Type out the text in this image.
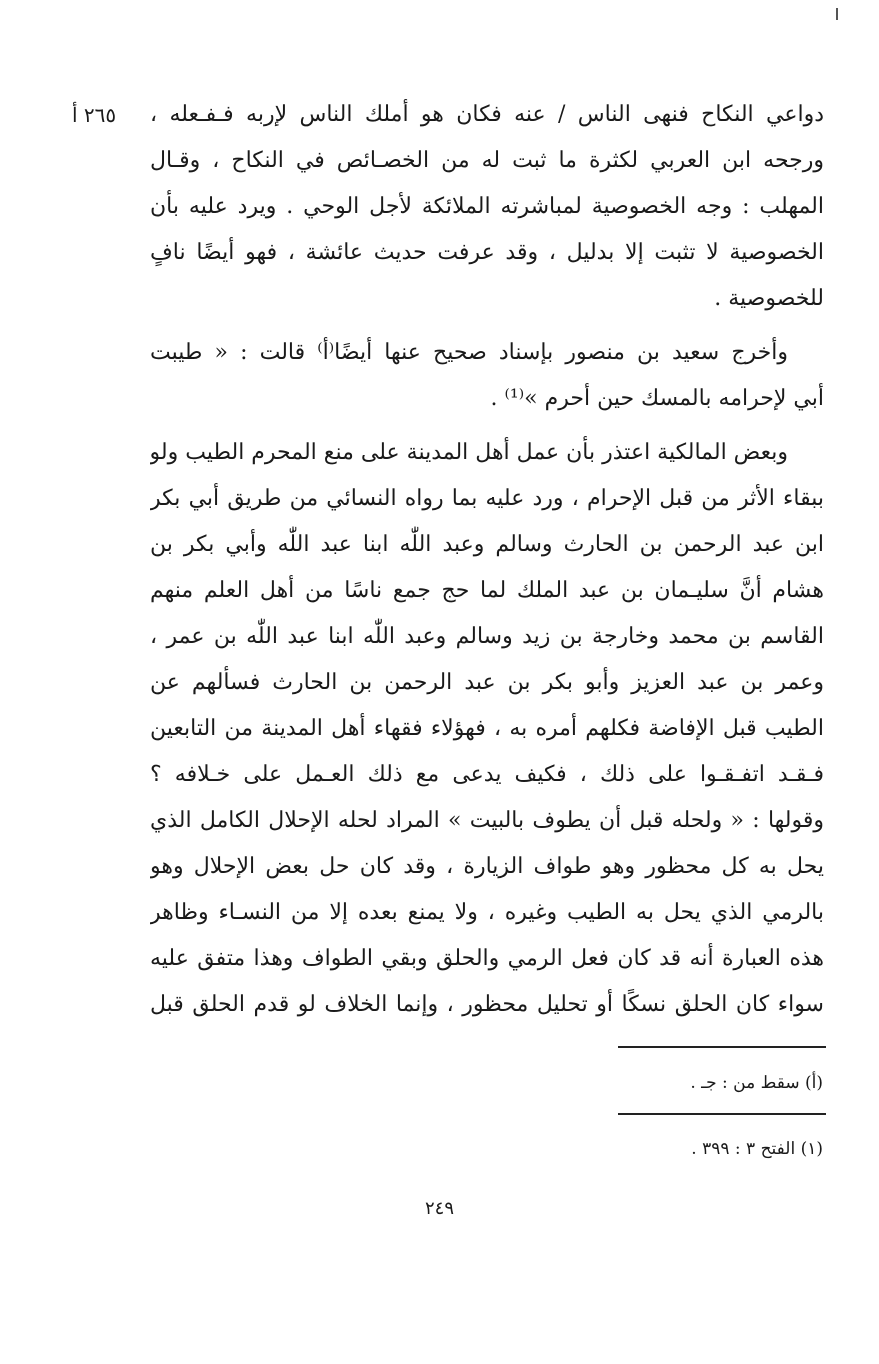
٢٦٥ أ دواعي النكاح فنهى الناس / عنه فكان هو أملك الناس لإربه فـفـعله ،
ورجحه ابن العربي لكثرة ما ثبت له من الخصـائص في النكاح ، وقـال
المهلب : وجه الخصوصية لمباشرته الملائكة لأجل الوحي . ويرد عليه بأن
الخصوصية لا تثبت إلا بدليل ، وقد عرفت حديث عائشة ، فهو أيضًا نافٍ
للخصوصية .
وأخرج سعيد بن منصور بإسناد صحيح عنها أيضًا⁽أ⁾ قالت : « طيبت
أبي لإحرامه بالمسك حين أحرم »⁽¹⁾ .
وبعض المالكية اعتذر بأن عمل أهل المدينة على منع المحرم الطيب ولو
ببقاء الأثر من قبل الإحرام ، ورد عليه بما رواه النسائي من طريق أبي بكر
ابن عبد الرحمن بن الحارث وسالم وعبد اللّٰه ابنا عبد اللّٰه وأبي بكر بن
هشام أنَّ سليـمان بن عبد الملك لما حج جمع ناسًا من أهل العلم منهم
القاسم بن محمد وخارجة بن زيد وسالم وعبد اللّٰه ابنا عبد اللّٰه بن عمر ،
وعمر بن عبد العزيز وأبو بكر بن عبد الرحمن بن الحارث فسألهم عن
الطيب قبل الإفاضة فكلهم أمره به ، فهؤلاء فقهاء أهل المدينة من التابعين
فـقـد اتفـقـوا على ذلك ، فكيف يدعى مع ذلك العـمل على خـلافه ؟
وقولها : « ولحله قبل أن يطوف بالبيت » المراد لحله الإحلال الكامل الذي
يحل به كل محظور وهو طواف الزيارة ، وقد كان حل بعض الإحلال وهو
بالرمي الذي يحل به الطيب وغيره ، ولا يمنع بعده إلا من النسـاء وظاهر
هذه العبارة أنه قد كان فعل الرمي والحلق وبقي الطواف وهذا متفق عليه
سواء كان الحلق نسكًا أو تحليل محظور ، وإنما الخلاف لو قدم الحلق قبل
(أ) سقط من : جـ .
(١) الفتح ٣ : ٣٩٩ .
٢٤٩
